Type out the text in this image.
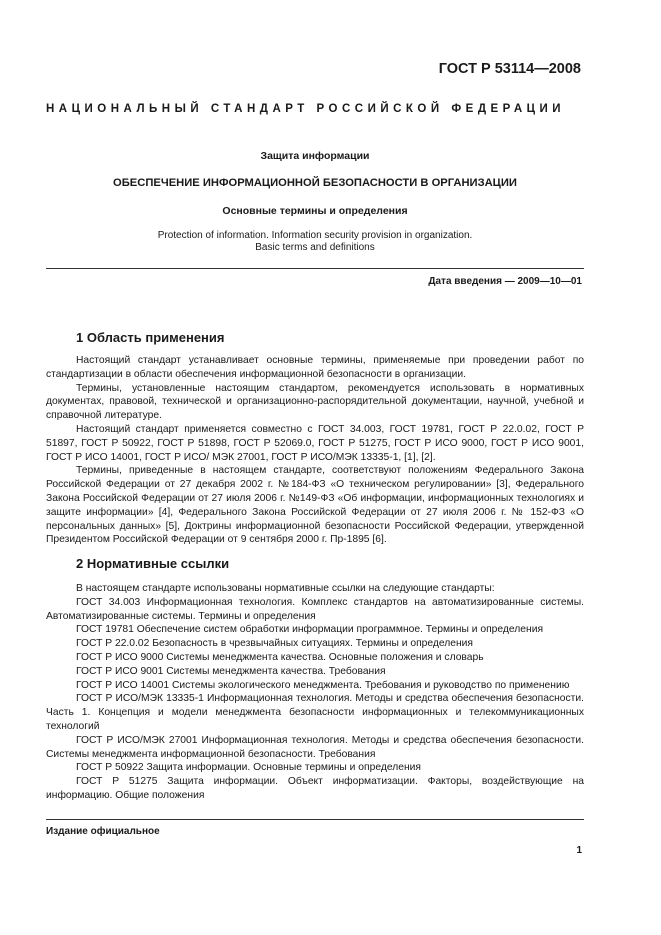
ГОСТ Р 53114—2008
НАЦИОНАЛЬНЫЙ СТАНДАРТ РОССИЙСКОЙ ФЕДЕРАЦИИ
Защита информации
ОБЕСПЕЧЕНИЕ ИНФОРМАЦИОННОЙ БЕЗОПАСНОСТИ В ОРГАНИЗАЦИИ
Основные термины и определения
Protection of information. Information security provision in organization.
Basic terms and definitions
Дата введения — 2009—10—01
1 Область применения

Настоящий стандарт устанавливает основные термины, применяемые при проведении работ по стандартизации в области обеспечения информационной безопасности в организации.

Термины, установленные настоящим стандартом, рекомендуется использовать в нормативных документах, правовой, технической и организационно-распорядительной документации, научной, учебной и справочной литературе.

Настоящий стандарт применяется совместно с ГОСТ 34.003, ГОСТ 19781, ГОСТ Р 22.0.02, ГОСТ Р 51897, ГОСТ Р 50922, ГОСТ Р 51898, ГОСТ Р 52069.0, ГОСТ Р 51275, ГОСТ Р ИСО 9000, ГОСТ Р ИСО 9001, ГОСТ Р ИСО 14001, ГОСТ Р ИСО/ МЭК 27001, ГОСТ Р ИСО/МЭК 13335-1, [1], [2].

Термины, приведенные в настоящем стандарте, соответствуют положениям Федерального Закона Российской Федерации от 27 декабря 2002 г. №184-ФЗ «О техническом регулировании» [3], Федерального Закона Российской Федерации от 27 июля 2006 г. №149-ФЗ «Об информации, информационных технологиях и защите информации» [4], Федерального Закона Российской Федерации от 27 июля 2006 г. № 152-ФЗ «О персональных данных» [5], Доктрины информационной безопасности Российской Федерации, утвержденной Президентом Российской Федерации от 9 сентября 2000 г. Пр-1895 [6].

2 Нормативные ссылки

В настоящем стандарте использованы нормативные ссылки на следующие стандарты:

ГОСТ 34.003 Информационная технология. Комплекс стандартов на автоматизированные системы. Автоматизированные системы. Термины и определения

ГОСТ 19781 Обеспечение систем обработки информации программное. Термины и определения

ГОСТ Р 22.0.02 Безопасность в чрезвычайных ситуациях. Термины и определения

ГОСТ Р ИСО 9000 Системы менеджмента качества. Основные положения и словарь

ГОСТ Р ИСО 9001 Системы менеджмента качества. Требования

ГОСТ Р ИСО 14001 Системы экологического менеджмента. Требования и руководство по применению

ГОСТ Р ИСО/МЭК 13335-1 Информационная технология. Методы и средства обеспечения безопасности. Часть 1. Концепция и модели менеджмента безопасности информационных и телекоммуникационных технологий

ГОСТ Р ИСО/МЭК 27001 Информационная технология. Методы и средства обеспечения безопасности. Системы менеджмента информационной безопасности. Требования

ГОСТ Р 50922 Защита информации. Основные термины и определения

ГОСТ Р 51275 Защита информации. Объект информатизации. Факторы, воздействующие на информацию. Общие положения

Издание официальное
1
